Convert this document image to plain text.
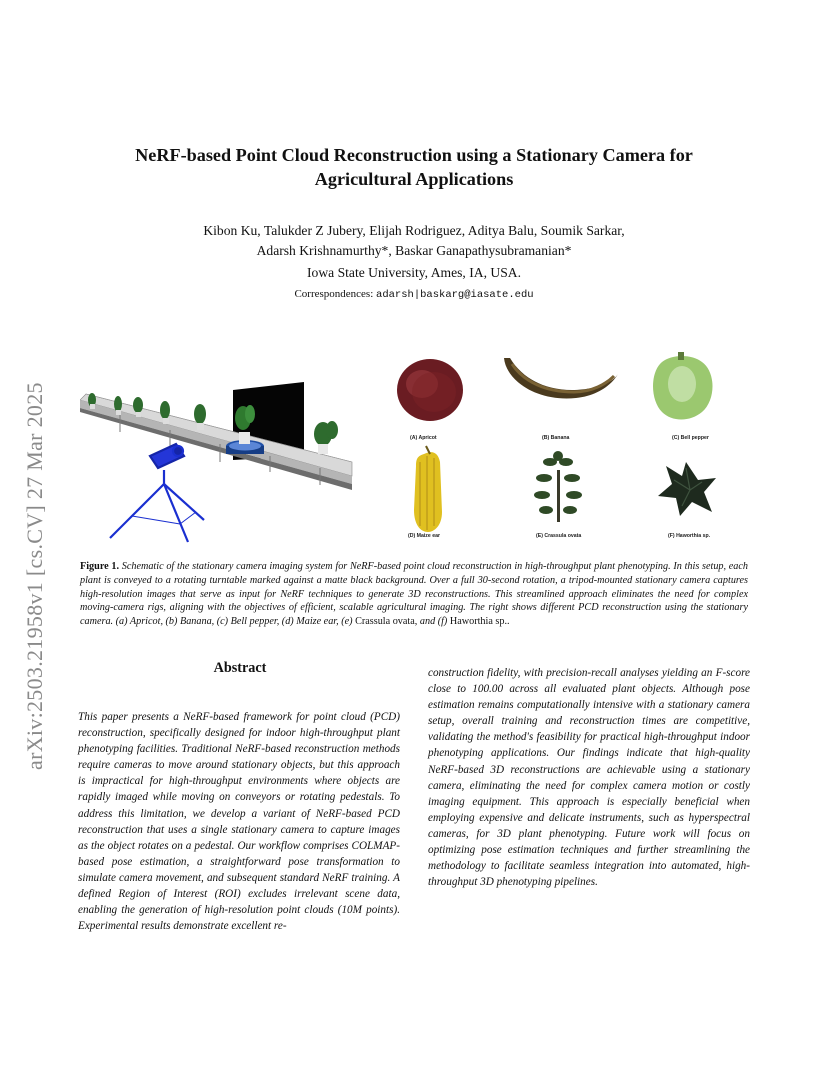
arXiv:2503.21958v1 [cs.CV] 27 Mar 2025
NeRF-based Point Cloud Reconstruction using a Stationary Camera for
Agricultural Applications
Kibon Ku, Talukder Z Jubery, Elijah Rodriguez, Aditya Balu, Soumik Sarkar,
Adarsh Krishnamurthy*, Baskar Ganapathysubramanian*
Iowa State University, Ames, IA, USA.
Correspondences: adarsh|baskarg@iasate.edu
(A) Apricot	(B) Banana	(C) Bell pepper
(D) Maize ear	(E) Crassula ovata	(F) Haworthia sp.
Figure 1. Schematic of the stationary camera imaging system for NeRF-based point cloud reconstruction in high-throughput plant phenotyping. In this setup, each plant is conveyed to a rotating turntable marked against a matte black background. Over a full 30-second rotation, a tripod-mounted stationary camera captures high-resolution images that serve as input for NeRF techniques to generate 3D reconstructions. This streamlined approach eliminates the need for complex moving-camera rigs, aligning with the objectives of efficient, scalable agricultural imaging. The right shows different PCD reconstruction using the stationary camera. (a) Apricot, (b) Banana, (c) Bell pepper, (d) Maize ear, (e) Crassula ovata, and (f) Haworthia sp..
Abstract
This paper presents a NeRF-based framework for point cloud (PCD) reconstruction, specifically designed for indoor high-throughput plant phenotyping facilities. Traditional NeRF-based reconstruction methods require cameras to move around stationary objects, but this approach is impractical for high-throughput environments where objects are rapidly imaged while moving on conveyors or rotating pedestals. To address this limitation, we develop a variant of NeRF-based PCD reconstruction that uses a single stationary camera to capture images as the object rotates on a pedestal. Our workflow comprises COLMAP-based pose estimation, a straightforward pose transformation to simulate camera movement, and subsequent standard NeRF training. A defined Region of Interest (ROI) excludes irrelevant scene data, enabling the generation of high-resolution point clouds (10M points). Experimental results demonstrate excellent re-
construction fidelity, with precision-recall analyses yielding an F-score close to 100.00 across all evaluated plant objects. Although pose estimation remains computationally intensive with a stationary camera setup, overall training and reconstruction times are competitive, validating the method's feasibility for practical high-throughput indoor phenotyping applications. Our findings indicate that high-quality NeRF-based 3D reconstructions are achievable using a stationary camera, eliminating the need for complex camera motion or costly imaging equipment. This approach is especially beneficial when employing expensive and delicate instruments, such as hyperspectral cameras, for 3D plant phenotyping. Future work will focus on optimizing pose estimation techniques and further streamlining the methodology to facilitate seamless integration into automated, high-throughput 3D phenotyping pipelines.
